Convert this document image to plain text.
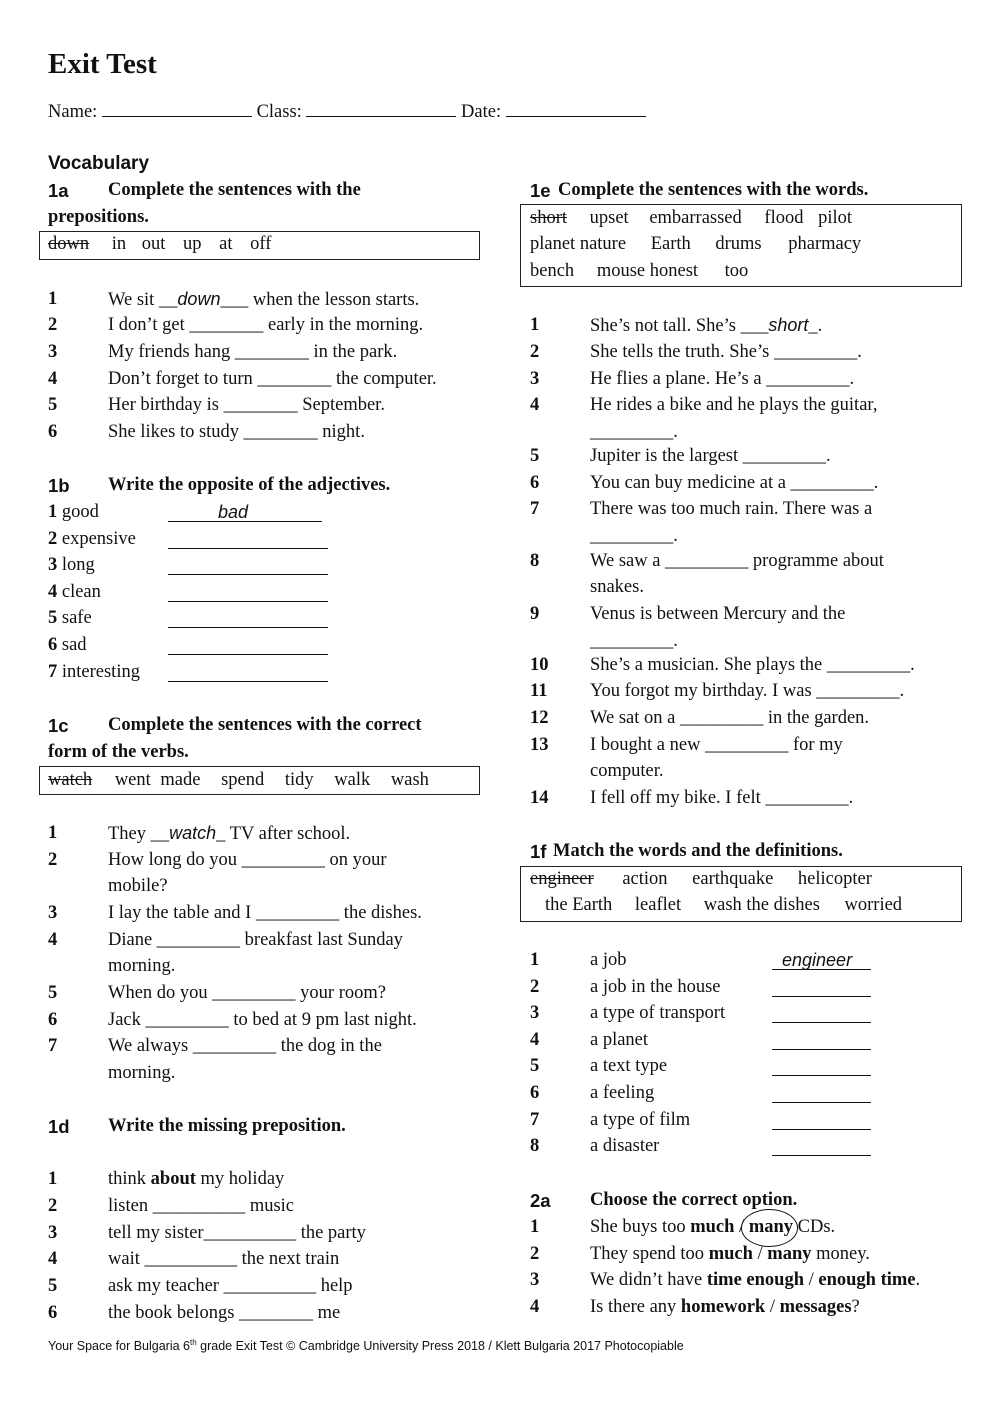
Exit Test
Name:	Class:	Date:
Vocabulary
1a Complete the sentences with the
prepositions.
down in out up at off
1	We sit __down___ when the lesson starts.
2	I don’t get ________ early in the morning.
3	My friends hang ________ in the park.
4	Don’t forget to turn ________ the computer.
5	Her birthday is ________ September.
6	She likes to study ________ night.
1b Write the opposite of the adjectives.
1 good	bad
2 expensive
3 long
4 clean
5 safe
6 sad
7 interesting
1c Complete the sentences with the correct
form of the verbs.
watch went made spend tidy walk wash
1	They __watch_ TV after school.
2	How long do you _________ on your
mobile?
3	I lay the table and I _________ the dishes.
4	Diane _________ breakfast last Sunday
morning.
5	When do you _________ your room?
6	Jack _________ to bed at 9 pm last night.
7	We always _________ the dog in the
morning.
1d Write the missing preposition.
1	think about my holiday
2	listen __________ music
3	tell my sister__________ the party
4	wait __________ the next train
5	ask my teacher __________ help
6	the book belongs ________ me
1e Complete the sentences with the words.
short upset embarrassed flood pilot
planet nature Earth drums pharmacy
bench mouse honest too
1	She’s not tall. She’s ___short_.
2	She tells the truth. She’s _________.
3	He flies a plane. He’s a _________.
4	He rides a bike and he plays the guitar,
_________.
5	Jupiter is the largest _________.
6	You can buy medicine at a _________.
7	There was too much rain. There was a
_________.
8	We saw a _________ programme about
snakes.
9	Venus is between Mercury and the
_________.
10 She’s a musician. She plays the _________.
11 You forgot my birthday. I was _________.
12 We sat on a _________ in the garden.
13 I bought a new _________ for my
computer.
14 I fell off my bike. I felt _________.
1f Match the words and the definitions.
engineer action earthquake helicopter
the Earth leaflet wash the dishes worried
1	a job	engineer
2	a job in the house
3	a type of transport
4	a planet
5	a text type
6	a feeling
7	a type of film
8	a disaster
2a Choose the correct option.
1	She buys too much / many
CDs.
2	They spend too much / many money.
3	We didn’t have time enough / enough time.
4	Is there any homework / messages?
Your Space for Bulgaria 6th grade Exit Test © Cambridge University Press 2018 / Klett Bulgaria 2017 Photocopiable
